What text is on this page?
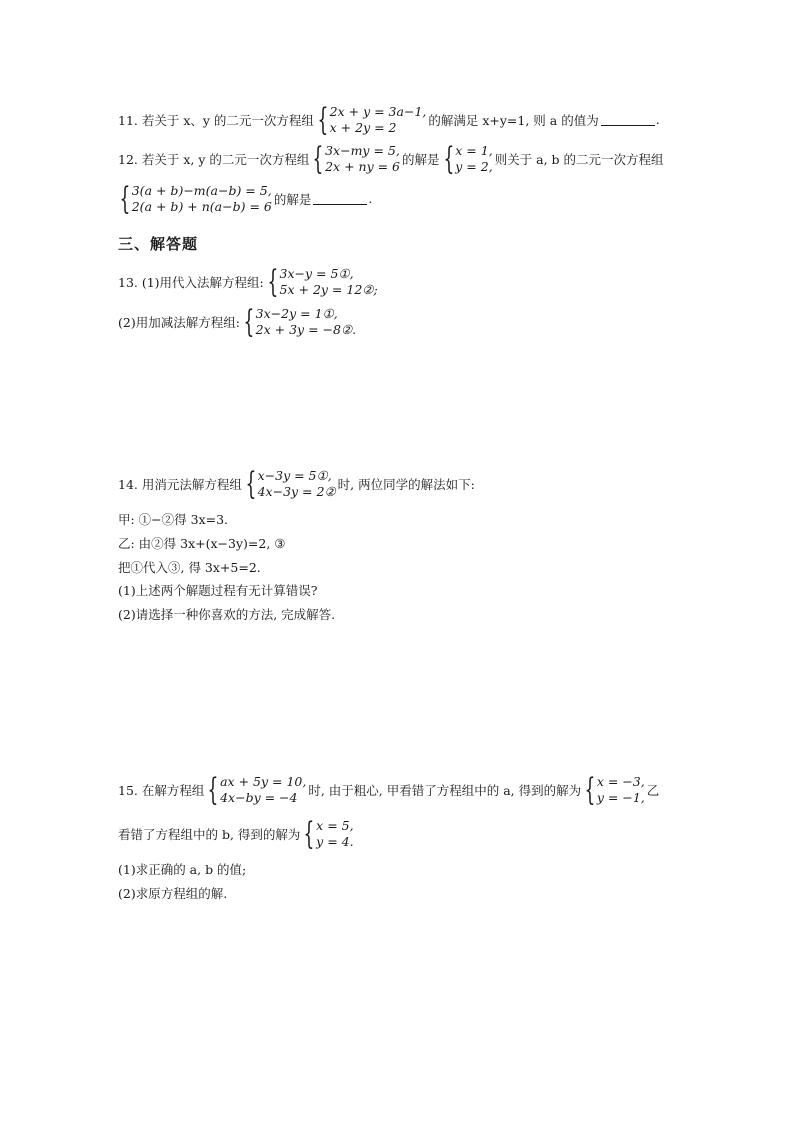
11. 若关于 x、y 的二元一次方程组 { 2x + y = 3a−1,
x + 2y = 2	的解满足 x+y=1, 则 a 的值为	.
12. 若关于 x, y 的二元一次方程组 { 3x−my = 5,
2x + ny = 6 的解是 { x = 1,
y = 2, 则关于 a, b 的二元一次方程组
{ 3(a + b)−m(a−b) = 5,
2(a + b) + n(a−b) = 6 的解是	.
三、解答题
13. (1)用代入法解方程组: { 3x−y = 5①,
5x + 2y = 12②;
(2)用加减法解方程组: { 3x−2y = 1①,
2x + 3y = −8②.
14. 用消元法解方程组 { x−3y = 5①,
4x−3y = 2② 时, 两位同学的解法如下:
甲: ①−②得 3x=3.
乙: 由②得 3x+(x−3y)=2, ③
把①代入③, 得 3x+5=2.
(1)上述两个解题过程有无计算错误?
(2)请选择一种你喜欢的方法, 完成解答.
15. 在解方程组 { ax + 5y = 10,
4x−by = −4 时, 由于粗心, 甲看错了方程组中的 a, 得到的解为 { x = −3,
y = −1, 乙
看错了方程组中的 b, 得到的解为 { x = 5,
y = 4.
(1)求正确的 a, b 的值;
(2)求原方程组的解.
